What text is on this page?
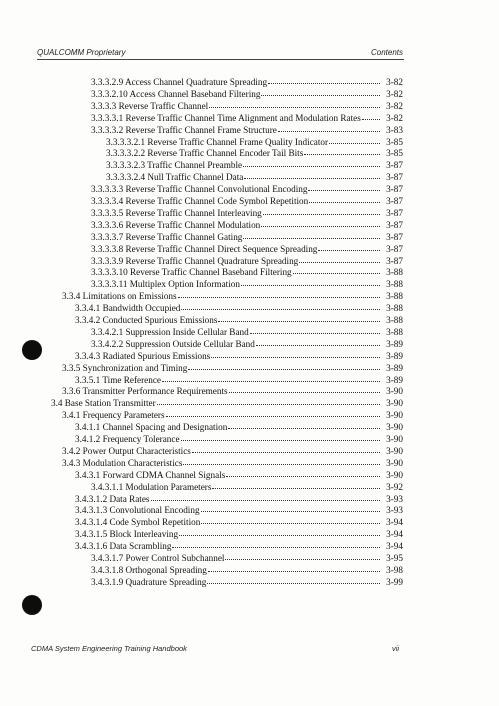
QUALCOMM Proprietary	Contents
3.3.3.2.9 Access Channel Quadrature Spreading	3-82
3.3.3.2.10 Access Channel Baseband Filtering	3-82
3.3.3.3 Reverse Traffic Channel	3-82
3.3.3.3.1 Reverse Traffic Channel Time Alignment and Modulation Rates	3-82
3.3.3.3.2 Reverse Traffic Channel Frame Structure	3-83
3.3.3.3.2.1 Reverse Traffic Channel Frame Quality Indicator	3-85
3.3.3.3.2.2 Reverse Traffic Channel Encoder Tail Bits	3-85
3.3.3.3.2.3 Traffic Channel Preamble	3-87
3.3.3.3.2.4 Null Traffic Channel Data	3-87
3.3.3.3.3 Reverse Traffic Channel Convolutional Encoding	3-87
3.3.3.3.4 Reverse Traffic Channel Code Symbol Repetition	3-87
3.3.3.3.5 Reverse Traffic Channel Interleaving	3-87
3.3.3.3.6 Reverse Traffic Channel Modulation	3-87
3.3.3.3.7 Reverse Traffic Channel Gating	3-87
3.3.3.3.8 Reverse Traffic Channel Direct Sequence Spreading	3-87
3.3.3.3.9 Reverse Traffic Channel Quadrature Spreading	3-87
3.3.3.3.10 Reverse Traffic Channel Baseband Filtering	3-88
3.3.3.3.11 Multiplex Option Information	3-88
3.3.4 Limitations on Emissions	3-88
3.3.4.1 Bandwidth Occupied	3-88
3.3.4.2 Conducted Spurious Emissions	3-88
3.3.4.2.1 Suppression Inside Cellular Band	3-88
3.3.4.2.2 Suppression Outside Cellular Band	3-89
3.3.4.3 Radiated Spurious Emissions	3-89
3.3.5 Synchronization and Timing	3-89
3.3.5.1 Time Reference	3-89
3.3.6 Transmitter Performance Requirements	3-90
3.4 Base Station Transmitter	3-90
3.4.1 Frequency Parameters	3-90
3.4.1.1 Channel Spacing and Designation	3-90
3.4.1.2 Frequency Tolerance	3-90
3.4.2 Power Output Characteristics	3-90
3.4.3 Modulation Characteristics	3-90
3.4.3.1 Forward CDMA Channel Signals	3-90
3.4.3.1.1 Modulation Parameters	3-92
3.4.3.1.2 Data Rates	3-93
3.4.3.1.3 Convolutional Encoding	3-93
3.4.3.1.4 Code Symbol Repetition	3-94
3.4.3.1.5 Block Interleaving	3-94
3.4.3.1.6 Data Scrambling	3-94
3.4.3.1.7 Power Control Subchannel	3-95
3.4.3.1.8 Orthogonal Spreading	3-98
3.4.3.1.9 Quadrature Spreading	3-99
CDMA System Engineering Training Handbook	vii
